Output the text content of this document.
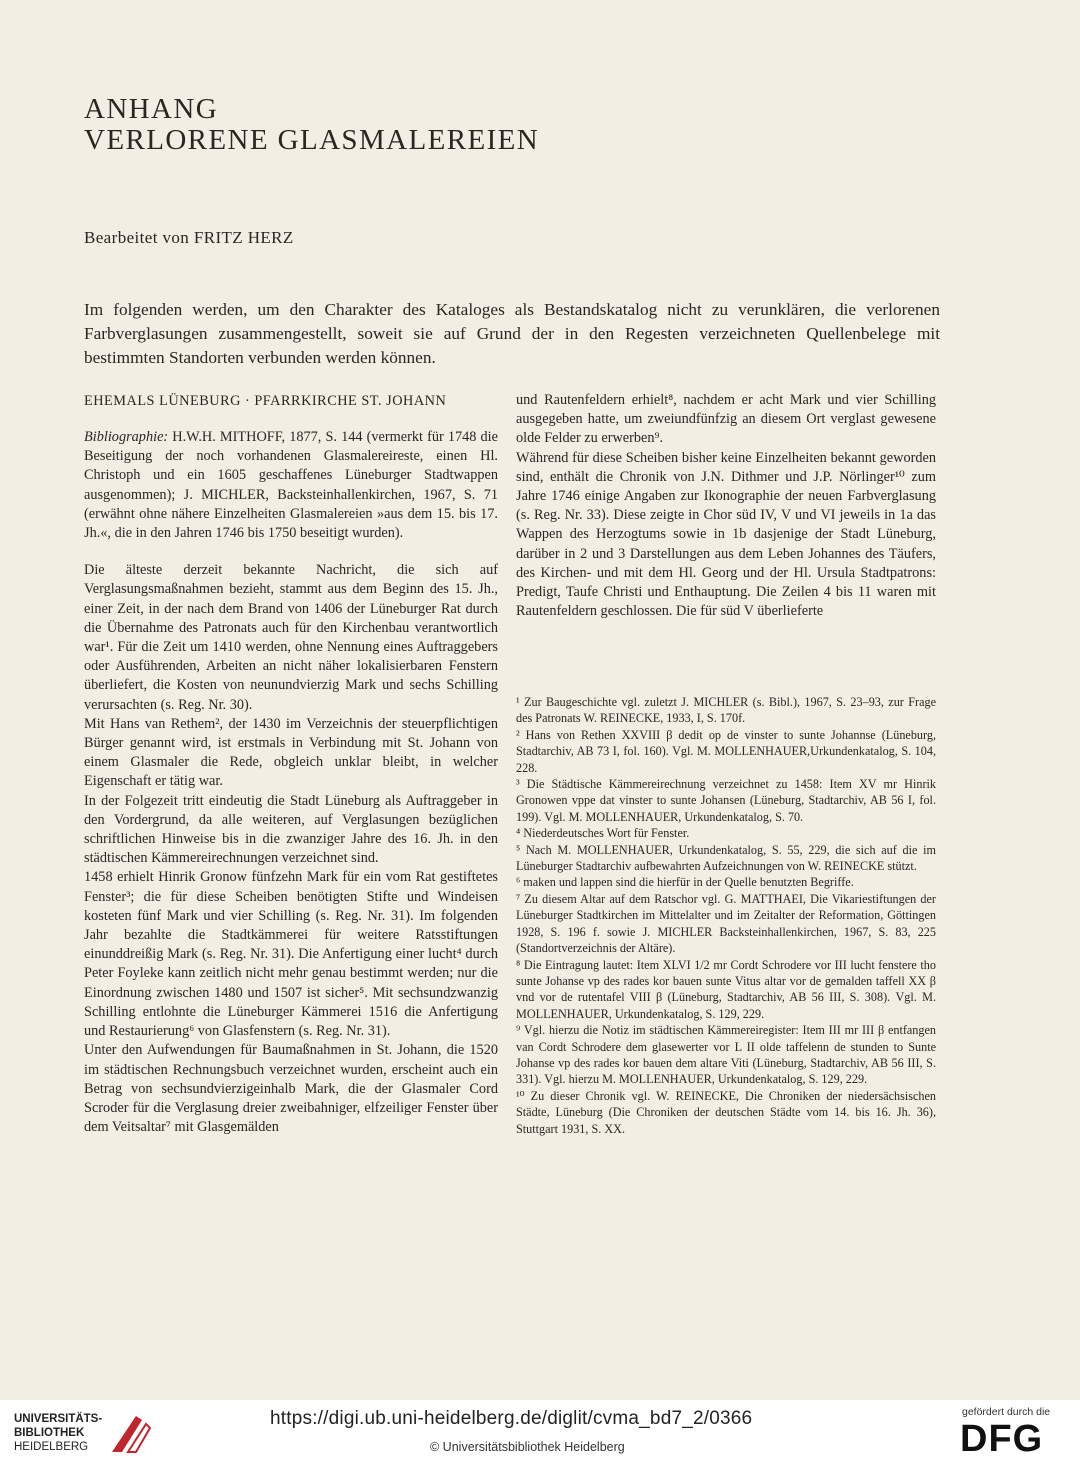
ANHANG
VERLORENE GLASMALEREIEN
Bearbeitet von FRITZ HERZ

Im folgenden werden, um den Charakter des Kataloges als Bestandskatalog nicht zu verunklären, die verlorenen Farbverglasungen zusammengestellt, soweit sie auf Grund der in den Regesten verzeichneten Quellenbelege mit bestimmten Standorten verbunden werden können.

EHEMALS LÜNEBURG · PFARRKIRCHE ST. JOHANN

Bibliographie: H.W.H. MITHOFF, 1877, S. 144 (vermerkt für 1748 die Beseitigung der noch vorhandenen Glasmalereireste, einen Hl. Christoph und ein 1605 geschaffenes Lüneburger Stadtwappen ausgenommen); J. MICHLER, Backsteinhallenkirchen, 1967, S. 71 (erwähnt ohne nähere Einzelheiten Glasmalereien »aus dem 15. bis 17. Jh.«, die in den Jahren 1746 bis 1750 beseitigt wurden).

Die älteste derzeit bekannte Nachricht, die sich auf Verglasungsmaßnahmen bezieht, stammt aus dem Beginn des 15. Jh., einer Zeit, in der nach dem Brand von 1406 der Lüneburger Rat durch die Übernahme des Patronats auch für den Kirchenbau verantwortlich war¹. Für die Zeit um 1410 werden, ohne Nennung eines Auftraggebers oder Ausführenden, Arbeiten an nicht näher lokalisierbaren Fenstern überliefert, die Kosten von neunundvierzig Mark und sechs Schilling verursachten (s. Reg. Nr. 30).

Mit Hans van Rethem², der 1430 im Verzeichnis der steuerpflichtigen Bürger genannt wird, ist erstmals in Verbindung mit St. Johann von einem Glasmaler die Rede, obgleich unklar bleibt, in welcher Eigenschaft er tätig war.

In der Folgezeit tritt eindeutig die Stadt Lüneburg als Auftraggeber in den Vordergrund, da alle weiteren, auf Verglasungen bezüglichen schriftlichen Hinweise bis in die zwanziger Jahre des 16. Jh. in den städtischen Kämmereirechnungen verzeichnet sind.

1458 erhielt Hinrik Gronow fünfzehn Mark für ein vom Rat gestiftetes Fenster³; die für diese Scheiben benötigten Stifte und Windeisen kosteten fünf Mark und vier Schilling (s. Reg. Nr. 31). Im folgenden Jahr bezahlte die Stadtkämmerei für weitere Ratsstiftungen einunddreißig Mark (s. Reg. Nr. 31). Die Anfertigung einer lucht⁴ durch Peter Foyleke kann zeitlich nicht mehr genau bestimmt werden; nur die Einordnung zwischen 1480 und 1507 ist sicher⁵. Mit sechsundzwanzig Schilling entlohnte die Lüneburger Kämmerei 1516 die Anfertigung und Restaurierung⁶ von Glasfenstern (s. Reg. Nr. 31).

Unter den Aufwendungen für Baumaßnahmen in St. Johann, die 1520 im städtischen Rechnungsbuch verzeichnet wurden, erscheint auch ein Betrag von sechsundvierzigeinhalb Mark, die der Glasmaler Cord Scroder für die Verglasung dreier zweibahniger, elfzeiliger Fenster über dem Veitsaltar⁷ mit Glasgemälden

und Rautenfeldern erhielt⁸, nachdem er acht Mark und vier Schilling ausgegeben hatte, um zweiundfünfzig an diesem Ort verglast gewesene olde Felder zu erwerben⁹.

Während für diese Scheiben bisher keine Einzelheiten bekannt geworden sind, enthält die Chronik von J.N. Dithmer und J.P. Nörlinger¹⁰ zum Jahre 1746 einige Angaben zur Ikonographie der neuen Farbverglasung (s. Reg. Nr. 33). Diese zeigte in Chor süd IV, V und VI jeweils in 1a das Wappen des Herzogtums sowie in 1b dasjenige der Stadt Lüneburg, darüber in 2 und 3 Darstellungen aus dem Leben Johannes des Täufers, des Kirchen- und mit dem Hl. Georg und der Hl. Ursula Stadtpatrons: Predigt, Taufe Christi und Enthauptung. Die Zeilen 4 bis 11 waren mit Rautenfeldern geschlossen. Die für süd V überlieferte

¹ Zur Baugeschichte vgl. zuletzt J. MICHLER (s. Bibl.), 1967, S. 23–93, zur Frage des Patronats W. REINECKE, 1933, I, S. 170f.

² Hans von Rethen XXVIII β dedit op de vinster to sunte Johannse (Lüneburg, Stadtarchiv, AB 73 I, fol. 160). Vgl. M. MOLLENHAUER,Urkundenkatalog, S. 104, 228.

³ Die Städtische Kämmereirechnung verzeichnet zu 1458: Item XV mr Hinrik Gronowen vppe dat vinster to sunte Johansen (Lüneburg, Stadtarchiv, AB 56 I, fol. 199). Vgl. M. MOLLENHAUER, Urkundenkatalog, S. 70.

⁴ Niederdeutsches Wort für Fenster.

⁵ Nach M. MOLLENHAUER, Urkundenkatalog, S. 55, 229, die sich auf die im Lüneburger Stadtarchiv aufbewahrten Aufzeichnungen von W. REINECKE stützt.

⁶ maken und lappen sind die hierfür in der Quelle benutzten Begriffe.

⁷ Zu diesem Altar auf dem Ratschor vgl. G. MATTHAEI, Die Vikariestiftungen der Lüneburger Stadtkirchen im Mittelalter und im Zeitalter der Reformation, Göttingen 1928, S. 196 f. sowie J. MICHLER Backsteinhallenkirchen, 1967, S. 83, 225 (Standortverzeichnis der Altäre).

⁸ Die Eintragung lautet: Item XLVI 1/2 mr Cordt Schrodere vor III lucht fenstere tho sunte Johanse vp des rades kor bauen sunte Vitus altar vor de gemalden taffell XX β vnd vor de rutentafel VIII β (Lüneburg, Stadtarchiv, AB 56 III, S. 308). Vgl. M. MOLLENHAUER, Urkundenkatalog, S. 129, 229.

⁹ Vgl. hierzu die Notiz im städtischen Kämmereiregister: Item III mr III β entfangen van Cordt Schrodere dem glasewerter vor L II olde taffelenn de stunden to Sunte Johanse vp des rades kor bauen dem altare Viti (Lüneburg, Stadtarchiv, AB 56 III, S. 331). Vgl. hierzu M. MOLLENHAUER, Urkundenkatalog, S. 129, 229.

¹⁰ Zu dieser Chronik vgl. W. REINECKE, Die Chroniken der niedersächsischen Städte, Lüneburg (Die Chroniken der deutschen Städte vom 14. bis 16. Jh. 36), Stuttgart 1931, S. XX.

UNIVERSITÄTS-
BIBLIOTHEK
HEIDELBERG
https://digi.ub.uni-heidelberg.de/diglit/cvma_bd7_2/0366
© Universitätsbibliothek Heidelberg
gefördert durch die
DFG
